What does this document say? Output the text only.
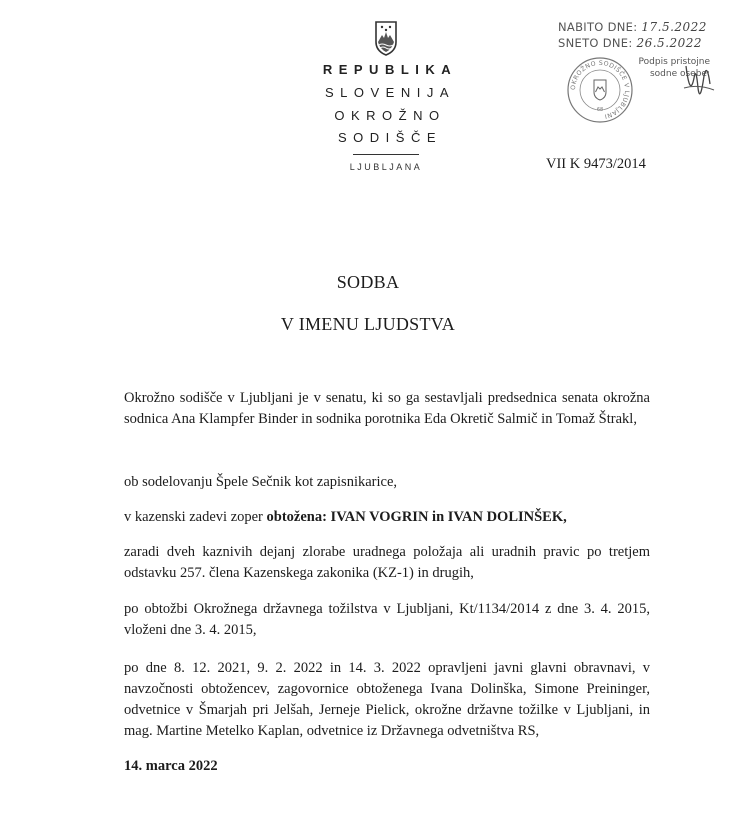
REPUBLIKA
SLOVENIJA
OKROŽNO
SODIŠČE
LJUBLJANA	VII K 9473/2014
NABITO DNE: 17.5.2022
SNETO DNE: 26.5.2022
Podpis pristojne
sodne osebe:
OKROŽNO SODIŠČE V LJUBLJANI
68
SODBA
V IMENU LJUDSTVA
Okrožno sodišče v Ljubljani je v senatu, ki so ga sestavljali predsednica senata okrožna sodnica Ana Klampfer Binder in sodnika porotnika Eda Okretič Salmič in Tomaž Štrakl,
ob sodelovanju Špele Sečnik kot zapisnikarice,
v kazenski zadevi zoper obtožena: IVAN VOGRIN in IVAN DOLINŠEK,
zaradi dveh kaznivih dejanj zlorabe uradnega položaja ali uradnih pravic po tretjem odstavku 257. člena Kazenskega zakonika (KZ-1) in drugih,
po obtožbi Okrožnega državnega tožilstva v Ljubljani, Kt/1134/2014 z dne 3. 4. 2015, vloženi dne 3. 4. 2015,
po dne 8. 12. 2021, 9. 2. 2022 in 14. 3. 2022 opravljeni javni glavni obravnavi, v navzočnosti obtožencev, zagovornice obtoženega Ivana Dolinška, Simone Preininger, odvetnice v Šmarjah pri Jelšah, Jerneje Pielick, okrožne državne tožilke v Ljubljani, in mag. Martine Metelko Kaplan, odvetnice iz Državnega odvetništva RS,
14. marca 2022
